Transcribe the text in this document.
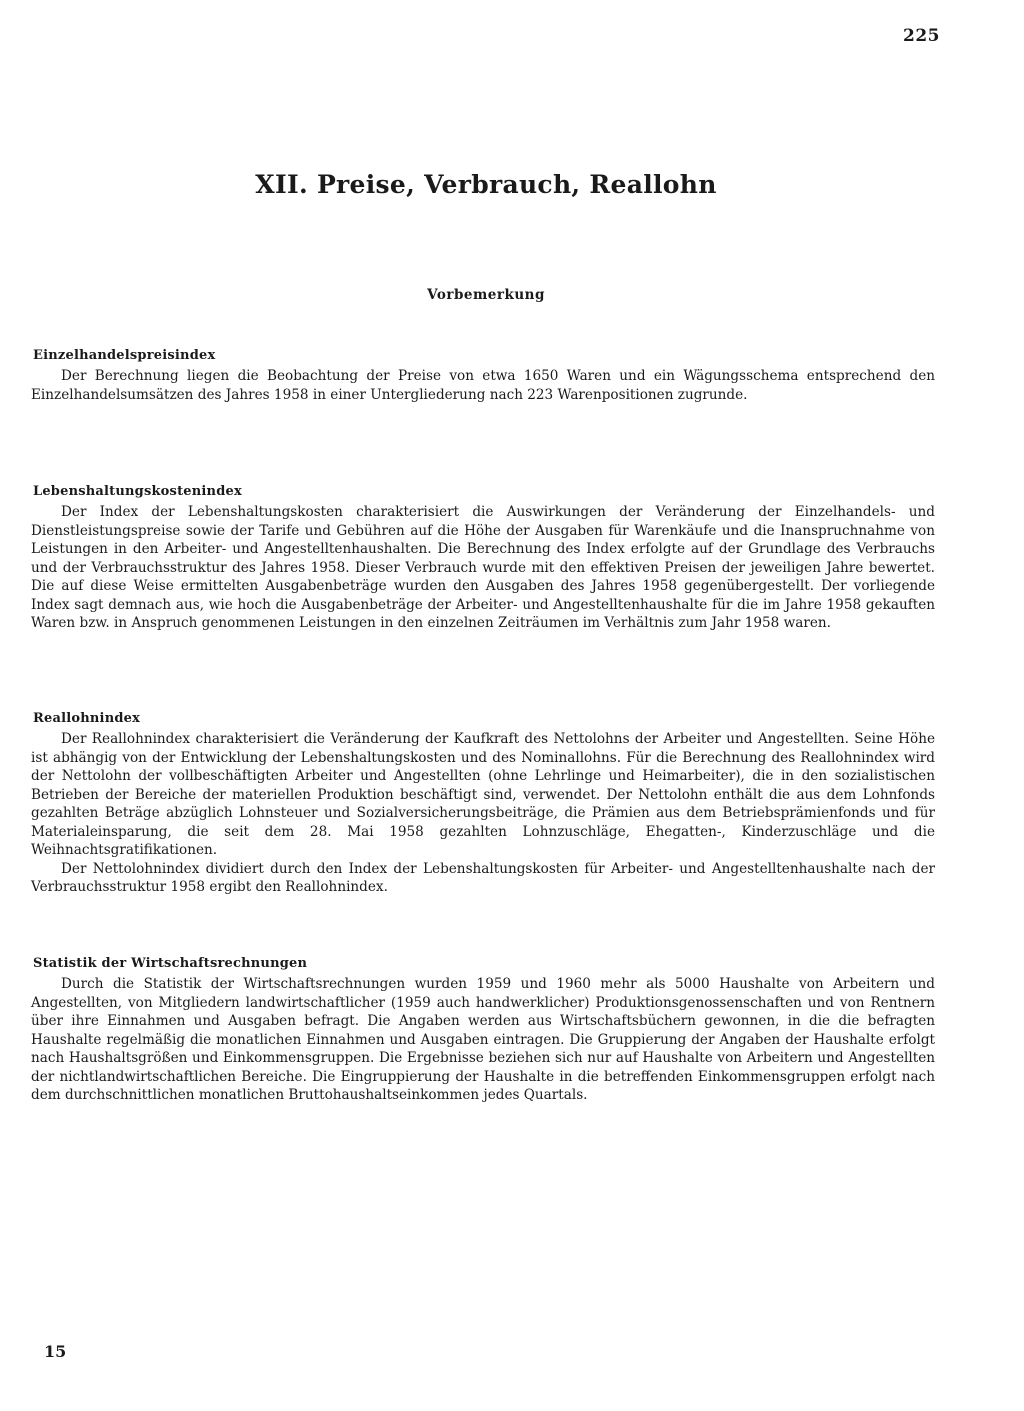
225
XII. Preise, Verbrauch, Reallohn
Vorbemerkung
Einzelhandelspreisindex

Der Berechnung liegen die Beobachtung der Preise von etwa 1650 Waren und ein Wägungsschema entsprechend den Einzelhandelsumsätzen des Jahres 1958 in einer Untergliederung nach 223 Warenpositionen zugrunde.

Lebenshaltungskostenindex

Der Index der Lebenshaltungskosten charakterisiert die Auswirkungen der Veränderung der Einzelhandels- und Dienstleistungspreise sowie der Tarife und Gebühren auf die Höhe der Ausgaben für Warenkäufe und die Inanspruchnahme von Leistungen in den Arbeiter- und Angestelltenhaushalten. Die Berechnung des Index erfolgte auf der Grundlage des Verbrauchs und der Verbrauchsstruktur des Jahres 1958. Dieser Verbrauch wurde mit den effektiven Preisen der jeweiligen Jahre bewertet. Die auf diese Weise ermittelten Ausgabenbeträge wurden den Ausgaben des Jahres 1958 gegenübergestellt. Der vorliegende Index sagt demnach aus, wie hoch die Ausgabenbeträge der Arbeiter- und Angestelltenhaushalte für die im Jahre 1958 gekauften Waren bzw. in Anspruch genommenen Leistungen in den einzelnen Zeiträumen im Verhältnis zum Jahr 1958 waren.

Reallohnindex

Der Reallohnindex charakterisiert die Veränderung der Kaufkraft des Nettolohns der Arbeiter und Angestellten. Seine Höhe ist abhängig von der Entwicklung der Lebenshaltungskosten und des Nominallohns. Für die Berechnung des Reallohnindex wird der Nettolohn der vollbeschäftigten Arbeiter und Angestellten (ohne Lehrlinge und Heimarbeiter), die in den sozialistischen Betrieben der Bereiche der materiellen Produktion beschäftigt sind, verwendet. Der Nettolohn enthält die aus dem Lohnfonds gezahlten Beträge abzüglich Lohnsteuer und Sozialversicherungsbeiträge, die Prämien aus dem Betriebsprämienfonds und für Materialeinsparung, die seit dem 28. Mai 1958 gezahlten Lohnzuschläge, Ehegatten-, Kinderzuschläge und die Weihnachtsgratifikationen.

Der Nettolohnindex dividiert durch den Index der Lebenshaltungskosten für Arbeiter- und Angestelltenhaushalte nach der Verbrauchsstruktur 1958 ergibt den Reallohnindex.

Statistik der Wirtschaftsrechnungen

Durch die Statistik der Wirtschaftsrechnungen wurden 1959 und 1960 mehr als 5000 Haushalte von Arbeitern und Angestellten, von Mitgliedern landwirtschaftlicher (1959 auch handwerklicher) Produktionsgenossenschaften und von Rentnern über ihre Einnahmen und Ausgaben befragt. Die Angaben werden aus Wirtschaftsbüchern gewonnen, in die die befragten Haushalte regelmäßig die monatlichen Einnahmen und Ausgaben eintragen. Die Gruppierung der Angaben der Haushalte erfolgt nach Haushaltsgrößen und Einkommensgruppen. Die Ergebnisse beziehen sich nur auf Haushalte von Arbeitern und Angestellten der nichtlandwirtschaftlichen Bereiche. Die Eingruppierung der Haushalte in die betreffenden Einkommensgruppen erfolgt nach dem durchschnittlichen monatlichen Bruttohaushaltseinkommen jedes Quartals.

15
